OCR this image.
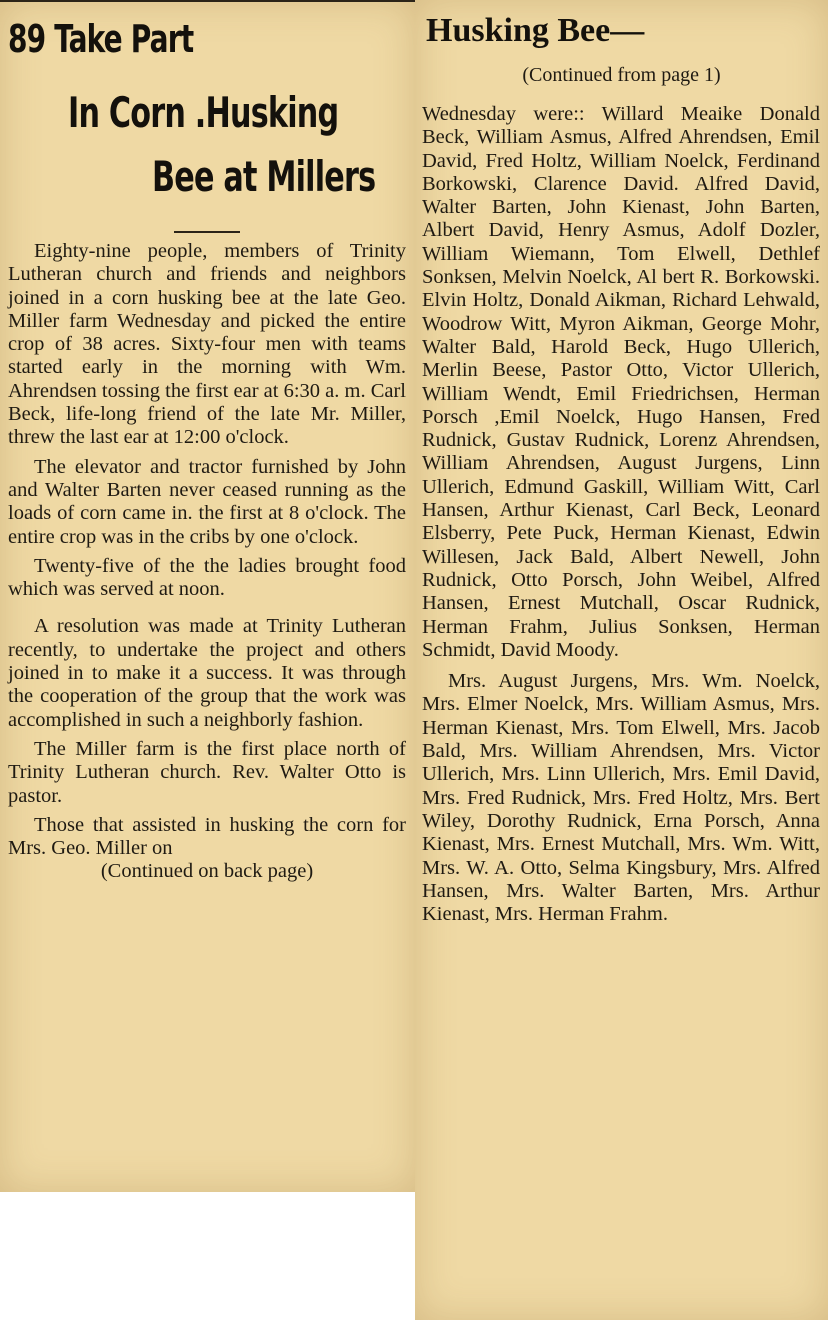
89 Take Part
In Corn .Husking
Bee at Millers

Eighty-nine people, members of Trinity Lutheran church and friends and neighbors joined in a corn husking bee at the late Geo. Miller farm Wednesday and picked the entire crop of 38 acres. Sixty-four men with teams started early in the morning with Wm. Ahrendsen tossing the first ear at 6:30 a. m. Carl Beck, life-long friend of the late Mr. Miller, threw the last ear at 12:00 o'clock.

The elevator and tractor furnished by John and Walter Barten never ceased running as the loads of corn came in. the first at 8 o'clock. The entire crop was in the cribs by one o'clock.

Twenty-five of the the ladies brought food which was served at noon.

A resolution was made at Trinity Lutheran recently, to undertake the project and others joined in to make it a success. It was through the cooperation of the group that the work was accomplished in such a neighborly fashion.

The Miller farm is the first place north of Trinity Lutheran church. Rev. Walter Otto is pastor.

Those that assisted in husking the corn for Mrs. Geo. Miller on

(Continued on back page)

Husking Bee—
(Continued from page 1)

Wednesday were:: Willard Meaike Donald Beck, William Asmus, Alfred Ahrendsen, Emil David, Fred Holtz, William Noelck, Ferdinand Borkowski, Clarence David. Alfred David, Walter Barten, John Kienast, John Barten, Albert David, Henry Asmus, Adolf Dozler, William Wiemann, Tom Elwell, Dethlef Sonksen, Melvin Noelck, Al bert R. Borkowski. Elvin Holtz, Donald Aikman, Richard Lehwald, Woodrow Witt, Myron Aikman, George Mohr, Walter Bald, Harold Beck, Hugo Ullerich, Merlin Beese, Pastor Otto, Victor Ullerich, William Wendt, Emil Friedrichsen, Herman Porsch ,Emil Noelck, Hugo Hansen, Fred Rudnick, Gustav Rudnick, Lorenz Ahrendsen, William Ahrendsen, August Jurgens, Linn Ullerich, Edmund Gaskill, William Witt, Carl Hansen, Arthur Kienast, Carl Beck, Leonard Elsberry, Pete Puck, Herman Kienast, Edwin Willesen, Jack Bald, Albert Newell, John Rudnick, Otto Porsch, John Weibel, Alfred Hansen, Ernest Mutchall, Oscar Rudnick, Herman Frahm, Julius Sonksen, Herman Schmidt, David Moody.

Mrs. August Jurgens, Mrs. Wm. Noelck, Mrs. Elmer Noelck, Mrs. William Asmus, Mrs. Herman Kienast, Mrs. Tom Elwell, Mrs. Jacob Bald, Mrs. William Ahrendsen, Mrs. Victor Ullerich, Mrs. Linn Ullerich, Mrs. Emil David, Mrs. Fred Rudnick, Mrs. Fred Holtz, Mrs. Bert Wiley, Dorothy Rudnick, Erna Porsch, Anna Kienast, Mrs. Ernest Mutchall, Mrs. Wm. Witt, Mrs. W. A. Otto, Selma Kingsbury, Mrs. Alfred Hansen, Mrs. Walter Barten, Mrs. Arthur Kienast, Mrs. Herman Frahm.
